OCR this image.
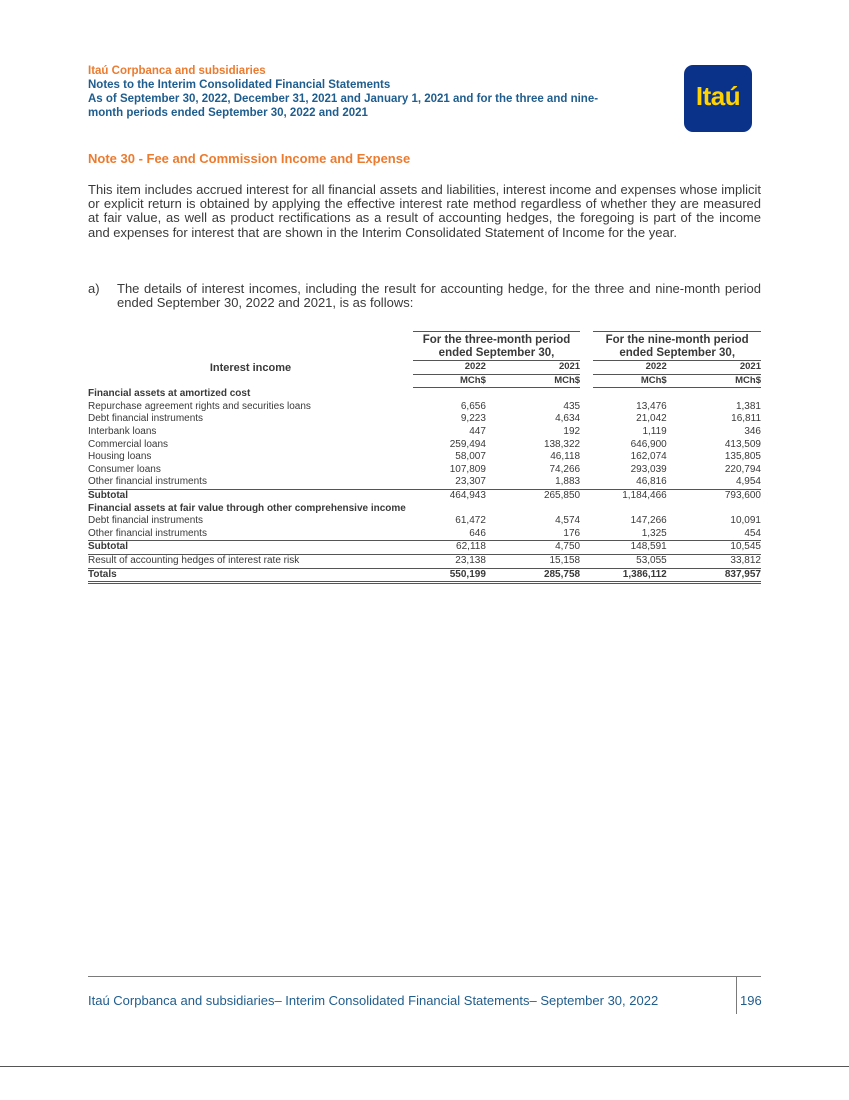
Itaú Corpbanca and subsidiaries
Notes to the Interim Consolidated Financial Statements
As of September 30, 2022, December 31, 2021 and January 1, 2021 and for the three and nine-
month periods ended September 30, 2022 and 2021
Itaú
Note 30 - Fee and Commission Income and Expense
This item includes accrued interest for all financial assets and liabilities, interest income and expenses whose implicit or explicit return is obtained by applying the effective interest rate method regardless of whether they are measured at fair value, as well as product rectifications as a result of accounting hedges, the foregoing is part of the income and expenses for interest that are shown in the Interim Consolidated Statement of Income for the year.
a) The details of interest incomes, including the result for accounting hedge, for the three and nine-month period ended September 30, 2022 and 2021, is as follows:
Interest income	For the three-month period ended September 30,				For the nine-month period ended September 30,		
	2022		2021		2022		2021
	MCh$		MCh$		MCh$		MCh$
Financial assets at amortized cost							
Repurchase agreement rights and securities loans	6,656		435		13,476		1,381
Debt financial instruments	9,223		4,634		21,042		16,811
Interbank loans	447		192		1,119		346
Commercial loans	259,494		138,322		646,900		413,509
Housing loans	58,007		46,118		162,074		135,805
Consumer loans	107,809		74,266		293,039		220,794
Other financial instruments	23,307		1,883		46,816		4,954
Subtotal	464,943		265,850		1,184,466		793,600
Financial assets at fair value through other comprehensive income							
Debt financial instruments	61,472		4,574		147,266		10,091
Other financial instruments	646		176		1,325		454
Subtotal	62,118		4,750		148,591		10,545
Result of accounting hedges of interest rate risk	23,138		15,158		53,055		33,812
Totals	550,199		285,758		1,386,112		837,957
Itaú Corpbanca and subsidiaries– Interim Consolidated Financial Statements– September 30, 2022	196
